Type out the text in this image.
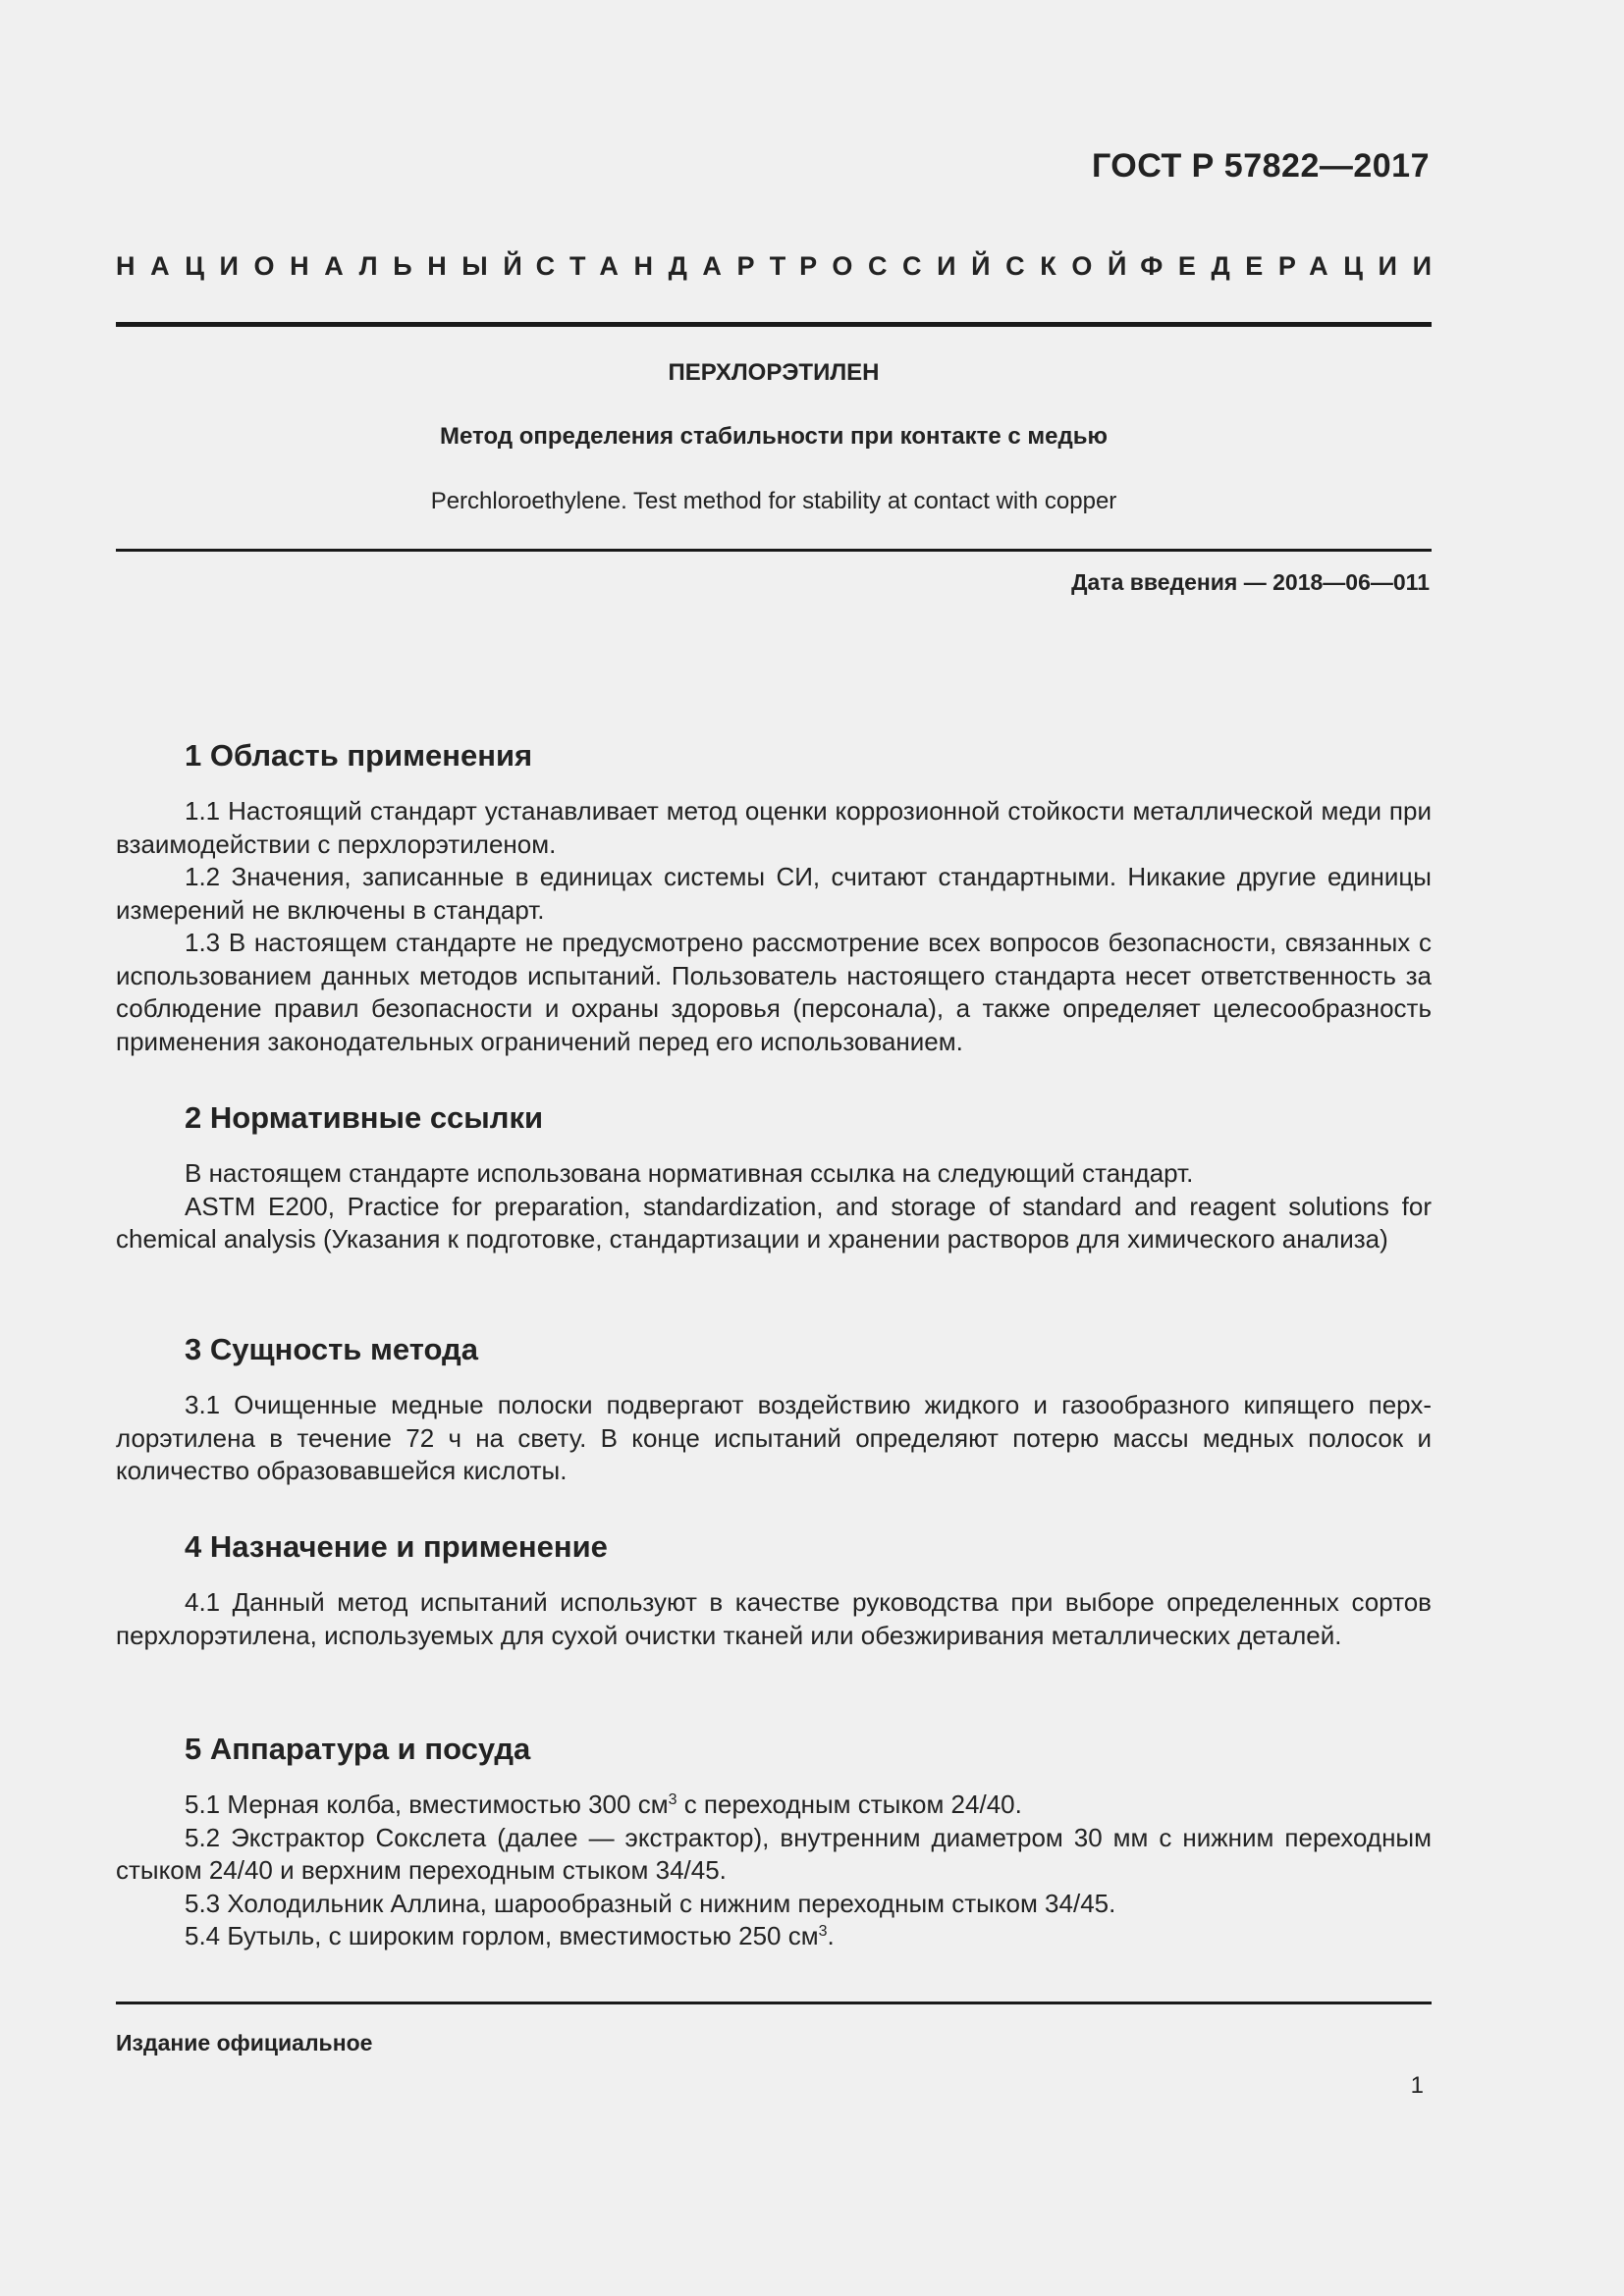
ГОСТ Р 57822—2017
НАЦИОНАЛЬНЫЙ
СТАНДАРТ
РОССИЙСКОЙ
ФЕДЕРАЦИИ
ПЕРХЛОРЭТИЛЕН
Метод определения стабильности при контакте с медью
Perchloroethylene. Test method for stability at contact with copper
Дата введения — 2018—06—011
1 Область применения

1.1 Настоящий стандарт устанавливает метод оценки коррозионной стойкости металлической меди при взаимодействии с перхлорэтиленом.

1.2 Значения, записанные в единицах системы СИ, считают стандартными. Никакие другие единицы измерений не включены в стандарт.

1.3 В настоящем стандарте не предусмотрено рассмотрение всех вопросов безопасности, связанных с использованием данных методов испытаний. Пользователь настоящего стандарта несет ответственность за соблюдение правил безопасности и охраны здоровья (персонала), а также определяет целесообразность применения законодательных ограничений перед его использованием.

2 Нормативные ссылки

В настоящем стандарте использована нормативная ссылка на следующий стандарт.

ASTM E200, Practice for preparation, standardization, and storage of standard and reagent solutions for chemical analysis (Указания к подготовке, стандартизации и хранении растворов для химического анализа)

3 Сущность метода

3.1 Очищенные медные полоски подвергают воздействию жидкого и газообразного кипящего перхлорэтилена в течение 72 ч на свету. В конце испытаний определяют потерю массы медных полосок и количество образовавшейся кислоты.

4 Назначение и применение

4.1 Данный метод испытаний используют в качестве руководства при выборе определенных сортов перхлорэтилена, используемых для сухой очистки тканей или обезжиривания металлических деталей.

5 Аппаратура и посуда

5.1 Мерная колба, вместимостью 300 $см^3$ с переходным стыком 24/40.

5.2 Экстрактор Сокслета (далее — экстрактор), внутренним диаметром 30 мм с нижним переходным стыком 24/40 и верхним переходным стыком 34/45.

5.3 Холодильник Аллина, шарообразный с нижним переходным стыком 34/45.

5.4 Бутыль, с широким горлом, вместимостью 250 $см^3$.

Издание официальное
1
